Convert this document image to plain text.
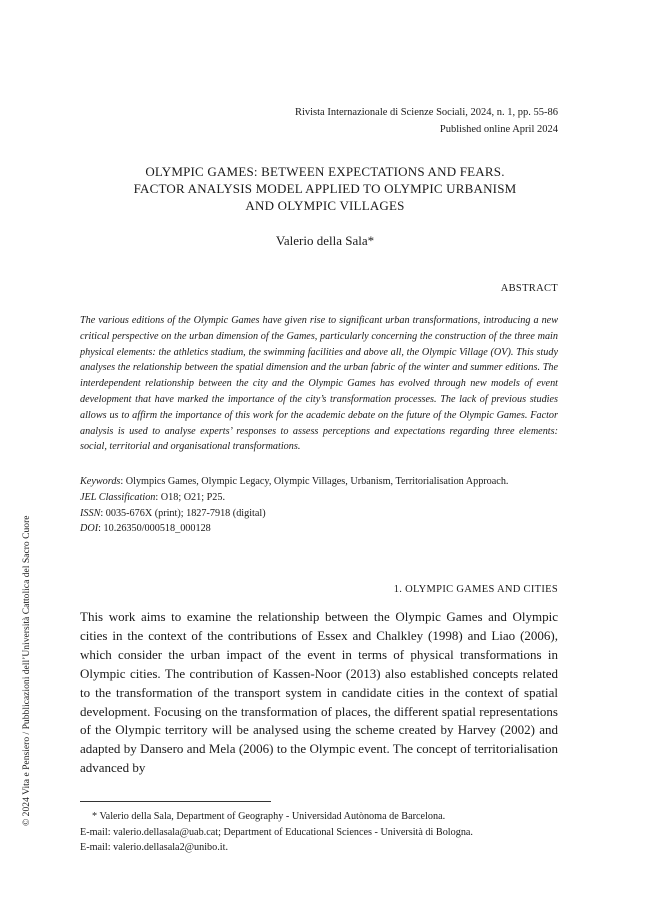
Rivista Internazionale di Scienze Sociali, 2024, n. 1, pp. 55-86
Published online April 2024
OLYMPIC GAMES: BETWEEN EXPECTATIONS AND FEARS.
FACTOR ANALYSIS MODEL APPLIED TO OLYMPIC URBANISM
AND OLYMPIC VILLAGES
Valerio della Sala*
ABSTRACT
The various editions of the Olympic Games have given rise to significant urban transformations, introducing a new critical perspective on the urban dimension of the Games, particularly concerning the construction of the three main physical elements: the athletics stadium, the swimming facilities and above all, the Olympic Village (OV). This study analyses the relationship between the spatial dimension and the urban fabric of the winter and summer editions. The interdependent relationship between the city and the Olympic Games has evolved through new models of event development that have marked the importance of the city’s transformation processes. The lack of previous studies allows us to affirm the importance of this work for the academic debate on the future of the Olympic Games. Factor analysis is used to analyse experts’ responses to assess perceptions and expectations regarding three elements: social, territorial and organisational transformations.
Keywords: Olympics Games, Olympic Legacy, Olympic Villages, Urbanism, Territorialisation Approach.
JEL Classification: O18; O21; P25.
ISSN: 0035-676X (print); 1827-7918 (digital)
DOI: 10.26350/000518_000128
1. OLYMPIC GAMES AND CITIES
This work aims to examine the relationship between the Olympic Games and Olympic cities in the context of the contributions of Essex and Chalkley (1998) and Liao (2006), which consider the urban impact of the event in terms of physical transformations in Olympic cities. The contribution of Kassen-Noor (2013) also established concepts related to the transformation of the transport system in candidate cities in the context of spatial development. Focusing on the transformation of places, the different spatial representations of the Olympic territory will be analysed using the scheme created by Harvey (2002) and adapted by Dansero and Mela (2006) to the Olympic event. The concept of territorialisation advanced by
* Valerio della Sala, Department of Geography - Universidad Autònoma de Barcelona.
E-mail: valerio.dellasala@uab.cat; Department of Educational Sciences - Università di Bologna.
E-mail: valerio.dellasala2@unibo.it.
© 2024 Vita e Pensiero / Pubblicazioni dell’Università Cattolica del Sacro Cuore
